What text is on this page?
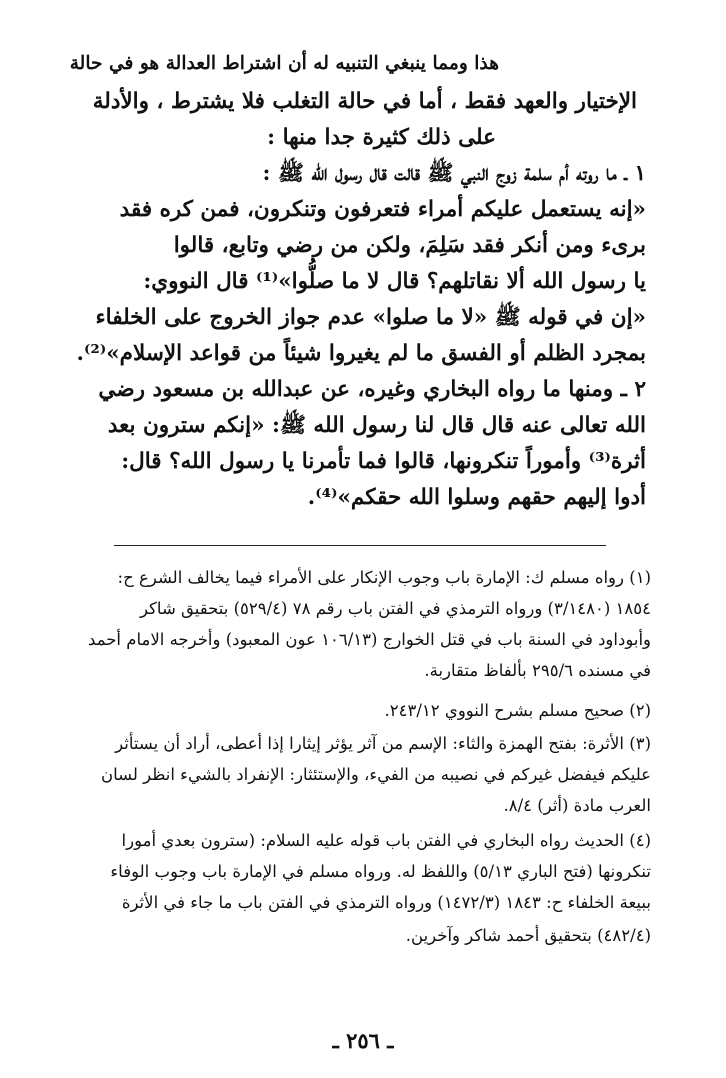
هذا ومما ينبغي التنبيه له أن اشتراط العدالة هو في حالة
الإختيار والعهد فقط ، أما في حالة التغلب فلا يشترط ، والأدلة
على ذلك كثيرة جدا منها :
١ ـ ما روته أم سلمة زوج النبي ﷺ قالت قال رسول الله ﷺ :
«إنه يستعمل عليكم أمراء فتعرفون وتنكرون، فمن كره فقد
برىء ومن أنكر فقد سَلِمَ، ولكن من رضي وتابع، قالوا
يا رسول الله ألا نقاتلهم؟ قال لا ما صلُّوا»⁽¹⁾ قال النووي:
«إن في قوله ﷺ «لا ما صلوا» عدم جواز الخروج على الخلفاء
بمجرد الظلم أو الفسق ما لم يغيروا شيئاً من قواعد الإسلام»⁽²⁾.
٢ ـ ومنها ما رواه البخاري وغيره، عن عبدالله بن مسعود رضي
الله تعالى عنه قال قال لنا رسول الله ﷺ: «إنكم سترون بعد
أثرة⁽³⁾ وأموراً تنكرونها، قالوا فما تأمرنا يا رسول الله؟ قال:
أدوا إليهم حقهم وسلوا الله حقكم»⁽⁴⁾.
(١) رواه مسلم ك: الإمارة باب وجوب الإنكار على الأمراء فيما يخالف الشرع ح:
١٨٥٤ (٣/١٤٨٠) ورواه الترمذي في الفتن باب رقم ٧٨ (٥٢٩/٤) بتحقيق شاكر
وأبوداود في السنة باب في قتل الخوارج (١٠٦/١٣ عون المعبود) وأخرجه الامام أحمد
في مسنده ٢٩٥/٦ بألفاظ متقاربة.
(٢) صحيح مسلم بشرح النووي ٢٤٣/١٢.
(٣) الأثرة: بفتح الهمزة والثاء: الإسم من آثر يؤثر إيثارا إذا أعطى، أراد أن يستأثر
عليكم فيفضل غيركم في نصيبه من الفيء، والإستئثار: الإنفراد بالشيء انظر لسان
العرب مادة (أثر) ٨/٤.
(٤) الحديث رواه البخاري في الفتن باب قوله عليه السلام: (سترون بعدي أمورا
تنكرونها (فتح الباري ٥/١٣) واللفظ له. ورواه مسلم في الإمارة باب وجوب الوفاء
ببيعة الخلفاء ح: ١٨٤٣ (١٤٧٢/٣) ورواه الترمذي في الفتن باب ما جاء في الأثرة
(٤٨٢/٤) بتحقيق أحمد شاكر وآخرين.
ـ ٢٥٦ ـ
